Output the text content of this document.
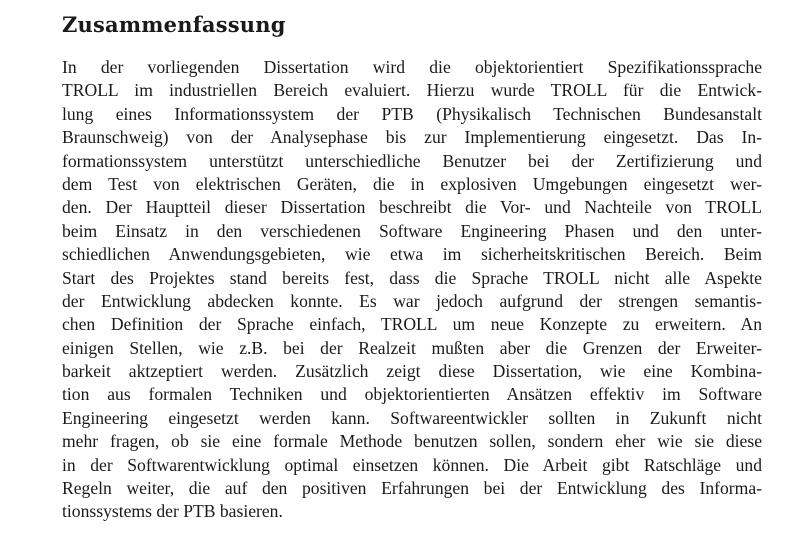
Zusammenfassung
In der vorliegenden Dissertation wird die objektorientiert Spezifikationssprache
TROLL im industriellen Bereich evaluiert. Hierzu wurde TROLL für die Entwick-
lung eines Informationssystem der PTB (Physikalisch Technischen Bundesanstalt
Braunschweig) von der Analysephase bis zur Implementierung eingesetzt. Das In-
formationssystem unterstützt unterschiedliche Benutzer bei der Zertifizierung und
dem Test von elektrischen Geräten, die in explosiven Umgebungen eingesetzt wer-
den. Der Hauptteil dieser Dissertation beschreibt die Vor- und Nachteile von TROLL
beim Einsatz in den verschiedenen Software Engineering Phasen und den unter-
schiedlichen Anwendungsgebieten, wie etwa im sicherheitskritischen Bereich. Beim
Start des Projektes stand bereits fest, dass die Sprache TROLL nicht alle Aspekte
der Entwicklung abdecken konnte. Es war jedoch aufgrund der strengen semantis-
chen Definition der Sprache einfach, TROLL um neue Konzepte zu erweitern. An
einigen Stellen, wie z.B. bei der Realzeit mußten aber die Grenzen der Erweiter-
barkeit aktzeptiert werden. Zusätzlich zeigt diese Dissertation, wie eine Kombina-
tion aus formalen Techniken und objektorientierten Ansätzen effektiv im Software
Engineering eingesetzt werden kann. Softwareentwickler sollten in Zukunft nicht
mehr fragen, ob sie eine formale Methode benutzen sollen, sondern eher wie sie diese
in der Softwarentwicklung optimal einsetzen können. Die Arbeit gibt Ratschläge und
Regeln weiter, die auf den positiven Erfahrungen bei der Entwicklung des Informa-
tionssystems der PTB basieren.
